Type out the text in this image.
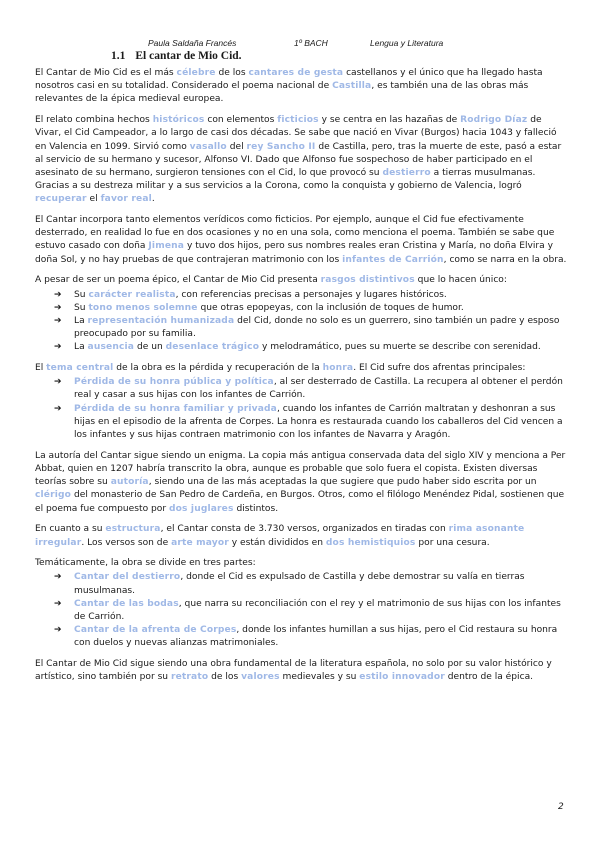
Paula Saldaña Francés	1º BACH	Lengua y Literatura
1.1 El cantar de Mio Cid.

El Cantar de Mio Cid es el más célebre de los cantares de gesta castellanos y el único que ha llegado hasta nosotros casi en su totalidad. Considerado el poema nacional de Castilla, es también una de las obras más relevantes de la épica medieval europea.

El relato combina hechos históricos con elementos ficticios y se centra en las hazañas de Rodrigo Díaz de Vivar, el Cid Campeador, a lo largo de casi dos décadas. Se sabe que nació en Vivar (Burgos) hacia 1043 y falleció en Valencia en 1099. Sirvió como vasallo del rey Sancho II de Castilla, pero, tras la muerte de este, pasó a estar al servicio de su hermano y sucesor, Alfonso VI. Dado que Alfonso fue sospechoso de haber participado en el asesinato de su hermano, surgieron tensiones con el Cid, lo que provocó su destierro a tierras musulmanas. Gracias a su destreza militar y a sus servicios a la Corona, como la conquista y gobierno de Valencia, logró recuperar el favor real.

El Cantar incorpora tanto elementos verídicos como ficticios. Por ejemplo, aunque el Cid fue efectivamente desterrado, en realidad lo fue en dos ocasiones y no en una sola, como menciona el poema. También se sabe que estuvo casado con doña Jimena y tuvo dos hijos, pero sus nombres reales eran Cristina y María, no doña Elvira y doña Sol, y no hay pruebas de que contrajeran matrimonio con los infantes de Carrión, como se narra en la obra.

A pesar de ser un poema épico, el Cantar de Mio Cid presenta rasgos distintivos que lo hacen único:

➔ Su carácter realista, con referencias precisas a personajes y lugares históricos.
➔ Su tono menos solemne que otras epopeyas, con la inclusión de toques de humor.
➔ La representación humanizada del Cid, donde no solo es un guerrero, sino también un padre y esposo preocupado por su familia.
➔ La ausencia de un desenlace trágico y melodramático, pues su muerte se describe con serenidad.

El tema central de la obra es la pérdida y recuperación de la honra. El Cid sufre dos afrentas principales:

➔ Pérdida de su honra pública y política, al ser desterrado de Castilla. La recupera al obtener el perdón real y casar a sus hijas con los infantes de Carrión.
➔ Pérdida de su honra familiar y privada, cuando los infantes de Carrión maltratan y deshonran a sus hijas en el episodio de la afrenta de Corpes. La honra es restaurada cuando los caballeros del Cid vencen a los infantes y sus hijas contraen matrimonio con los infantes de Navarra y Aragón.

La autoría del Cantar sigue siendo un enigma. La copia más antigua conservada data del siglo XIV y menciona a Per Abbat, quien en 1207 habría transcrito la obra, aunque es probable que solo fuera el copista. Existen diversas teorías sobre su autoría, siendo una de las más aceptadas la que sugiere que pudo haber sido escrita por un clérigo del monasterio de San Pedro de Cardeña, en Burgos. Otros, como el filólogo Menéndez Pidal, sostienen que el poema fue compuesto por dos juglares distintos.

En cuanto a su estructura, el Cantar consta de 3.730 versos, organizados en tiradas con rima asonante irregular. Los versos son de arte mayor y están divididos en dos hemistiquios por una cesura.

Temáticamente, la obra se divide en tres partes:

➔ Cantar del destierro, donde el Cid es expulsado de Castilla y debe demostrar su valía en tierras musulmanas.
➔ Cantar de las bodas, que narra su reconciliación con el rey y el matrimonio de sus hijas con los infantes de Carrión.
➔ Cantar de la afrenta de Corpes, donde los infantes humillan a sus hijas, pero el Cid restaura su honra con duelos y nuevas alianzas matrimoniales.

El Cantar de Mio Cid sigue siendo una obra fundamental de la literatura española, no solo por su valor histórico y artístico, sino también por su retrato de los valores medievales y su estilo innovador dentro de la épica.

2
